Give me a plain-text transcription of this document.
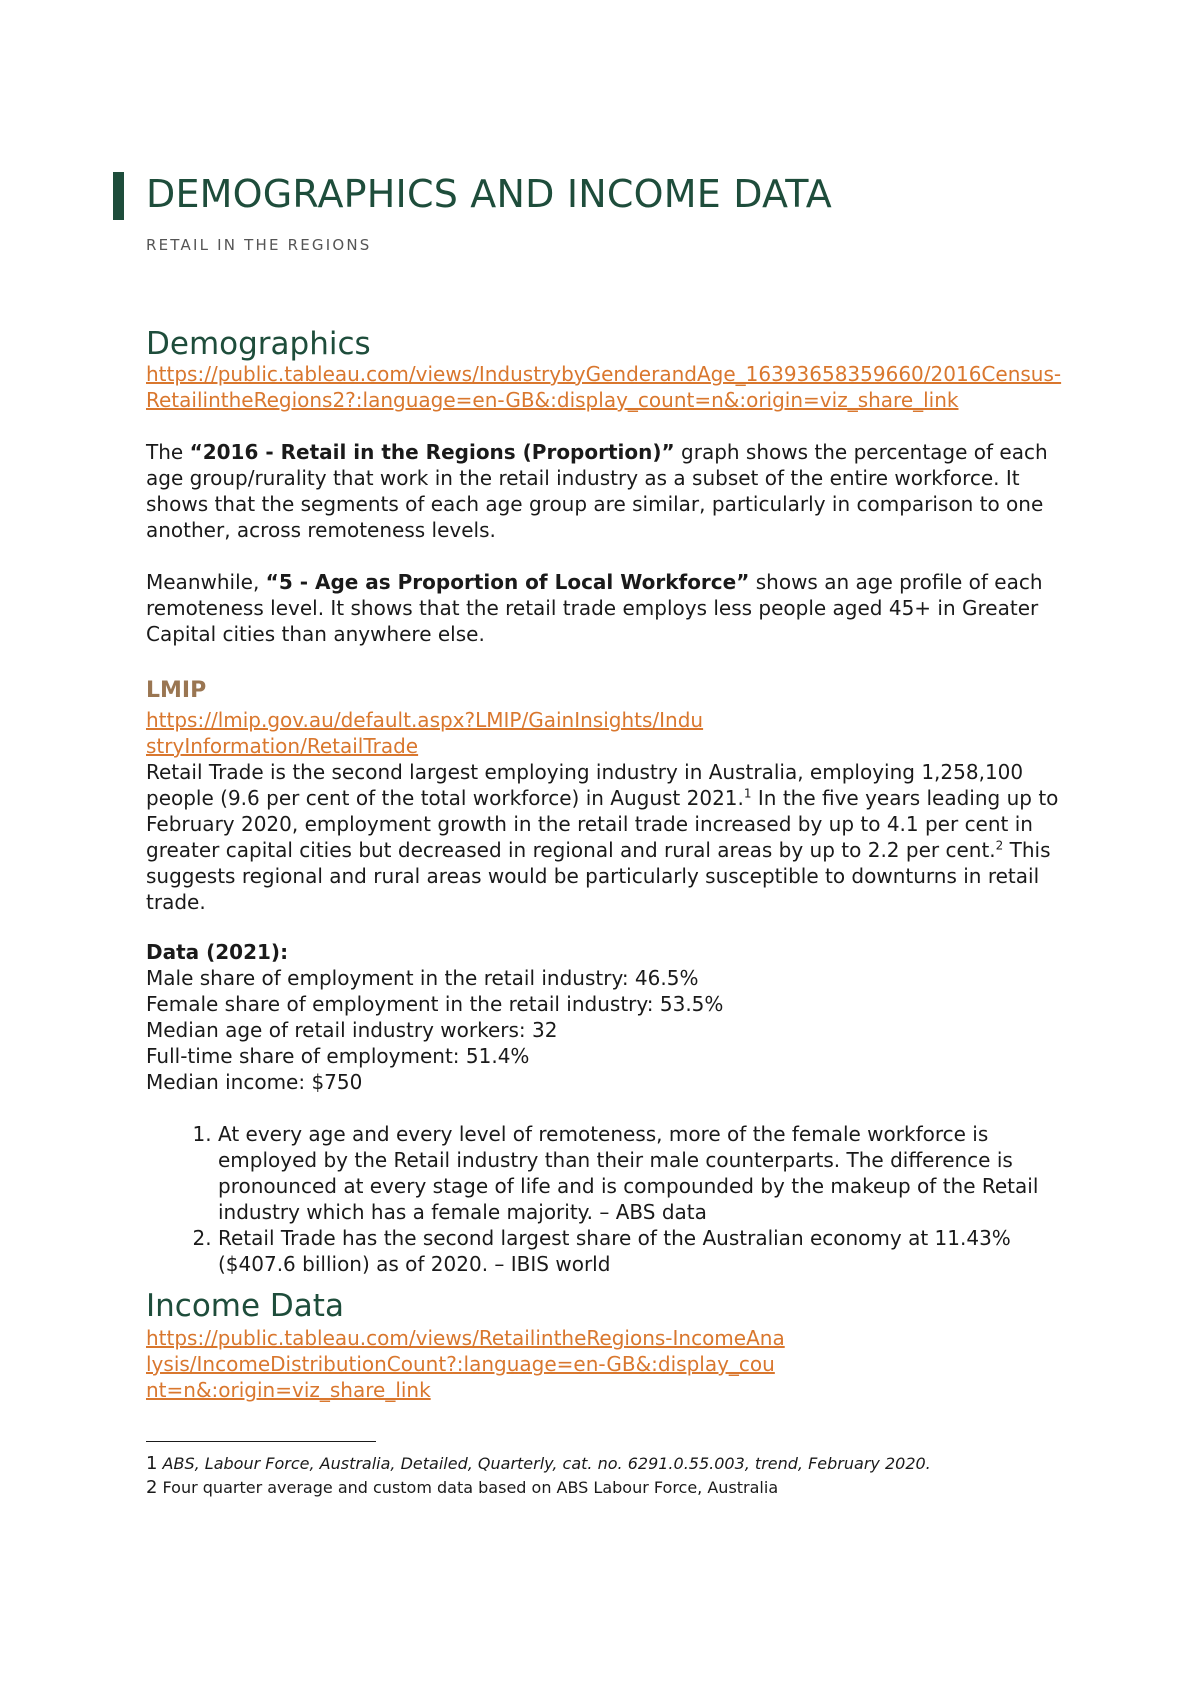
DEMOGRAPHICS AND INCOME DATA
RETAIL IN THE REGIONS
Demographics
https://public.tableau.com/views/IndustrybyGenderandAge_16393658359660/2016Census-RetailintheRegions2?:language=en-GB&:display_count=n&:origin=viz_share_link

The “2016 - Retail in the Regions (Proportion)” graph shows the percentage of each age group/rurality that work in the retail industry as a subset of the entire workforce. It shows that the segments of each age group are similar, particularly in comparison to one another, across remoteness levels.

Meanwhile, “5 - Age as Proportion of Local Workforce” shows an age profile of each remoteness level. It shows that the retail trade employs less people aged 45+ in Greater Capital cities than anywhere else.

LMIP
https://lmip.gov.au/default.aspx?LMIP/GainInsights/IndustryInformation/RetailTrade

Retail Trade is the second largest employing industry in Australia, employing 1,258,100 people (9.6 per cent of the total workforce) in August 2021.$^1$ In the five years leading up to February 2020, employment growth in the retail trade increased by up to 4.1 per cent in greater capital cities but decreased in regional and rural areas by up to 2.2 per cent.$^2$ This suggests regional and rural areas would be particularly susceptible to downturns in retail trade.

Data (2021):
Male share of employment in the retail industry: 46.5%
Female share of employment in the retail industry: 53.5%
Median age of retail industry workers: 32
Full-time share of employment: 51.4%
Median income: $750
1. At every age and every level of remoteness, more of the female workforce is employed by the Retail industry than their male counterparts. The difference is pronounced at every stage of life and is compounded by the makeup of the Retail industry which has a female majority. – ABS data
2. Retail Trade has the second largest share of the Australian economy at 11.43% ($407.6 billion) as of 2020. – IBIS world
Income Data
https://public.tableau.com/views/RetailintheRegions-IncomeAnalysis/IncomeDistributionCount?:language=en-GB&:display_count=n&:origin=viz_share_link
1 ABS, Labour Force, Australia, Detailed, Quarterly, cat. no. 6291.0.55.003, trend, February 2020.
2 Four quarter average and custom data based on ABS Labour Force, Australia
